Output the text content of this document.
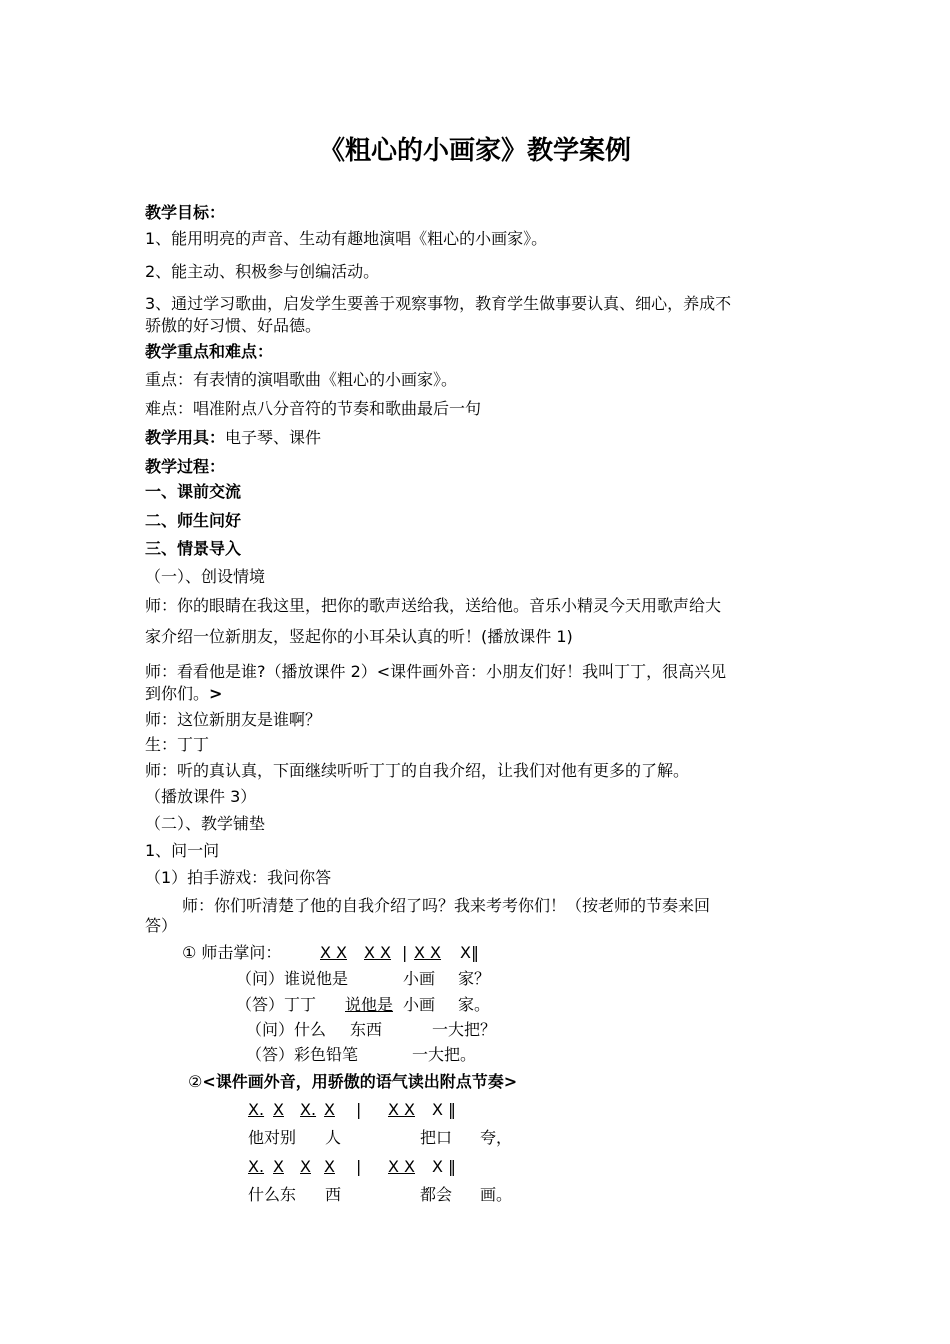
《粗心的小画家》教学案例
教学目标：
1、能用明亮的声音、生动有趣地演唱《粗心的小画家》。
2、能主动、积极参与创编活动。
3、通过学习歌曲，启发学生要善于观察事物，教育学生做事要认真、细心，养成不
骄傲的好习惯、好品德。
教学重点和难点：
重点：有表情的演唱歌曲《粗心的小画家》。
难点：唱准附点八分音符的节奏和歌曲最后一句
教学用具：电子琴、课件
教学过程：
一、课前交流
二、师生问好
三、情景导入
（一）、创设情境
师：你的眼睛在我这里，把你的歌声送给我，送给他。音乐小精灵今天用歌声给大
家介绍一位新朋友，竖起你的小耳朵认真的听！(播放课件 1)
师：看看他是谁?（播放课件 2）<课件画外音：小朋友们好！我叫丁丁，很高兴见
到你们。>
师：这位新朋友是谁啊？
生：丁丁
师：听的真认真，下面继续听听丁丁的自我介绍，让我们对他有更多的了解。
（播放课件 3）
（二）、教学铺垫
1、问一问
（1）拍手游戏：我问你答
师：你们听清楚了他的自我介绍了吗？我来考考你们！（按老师的节奏来回
答）
① 师击掌问： X X X X | X X X‖
（问）谁说他是	小画 家？
（答）丁丁 说他是 小画 家。
（问）什么 东西	一大把？
（答）彩色铅笔	一大把。
②<课件画外音，用骄傲的语气读出附点节奏>
X. X X. X | X X X ‖
他对别 人	把口 夸，
X. X X X | X X X ‖
什么东 西	都会 画。
